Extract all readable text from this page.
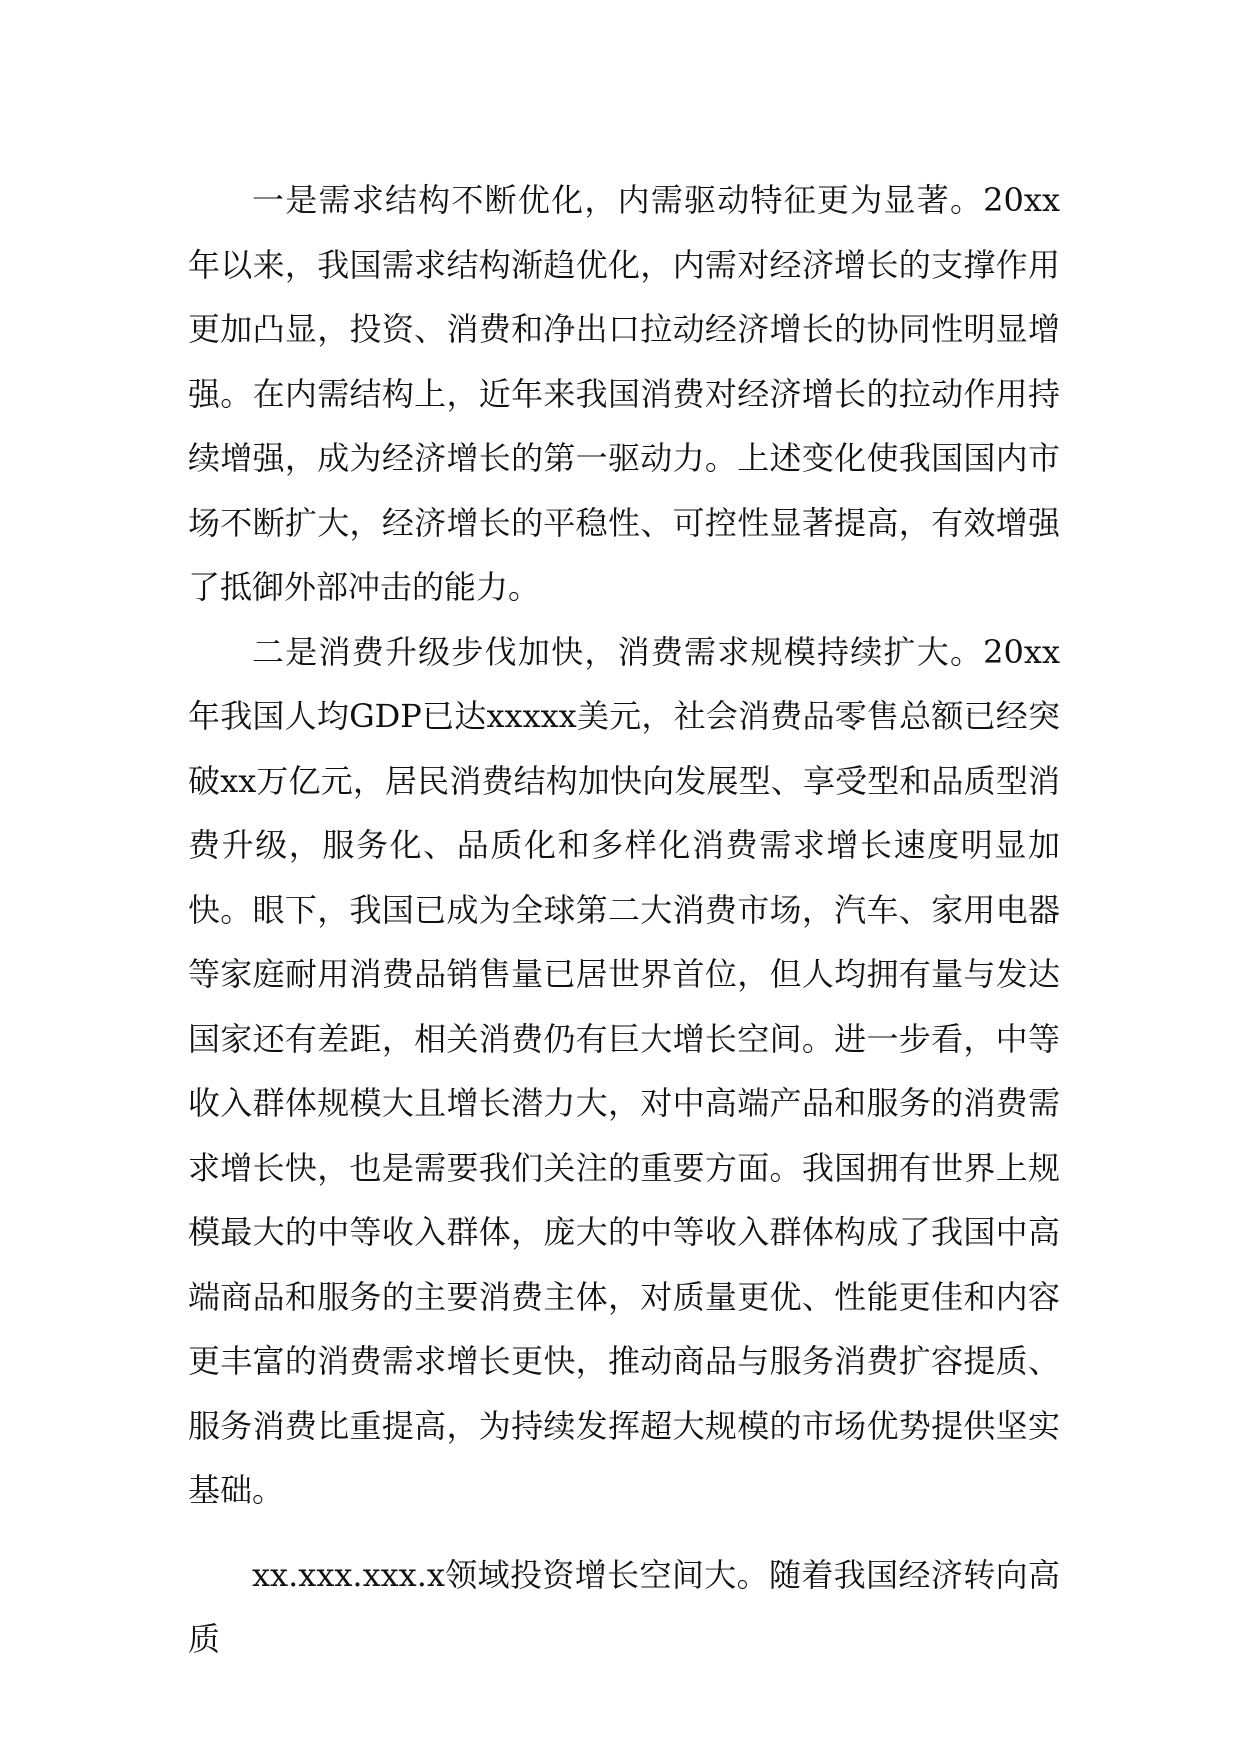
一是需求结构不断优化，内需驱动特征更为显著。20xx年以来，我国需求结构渐趋优化，内需对经济增长的支撑作用更加凸显，投资、消费和净出口拉动经济增长的协同性明显增强。在内需结构上，近年来我国消费对经济增长的拉动作用持续增强，成为经济增长的第一驱动力。上述变化使我国国内市场不断扩大，经济增长的平稳性、可控性显著提高，有效增强了抵御外部冲击的能力。

二是消费升级步伐加快，消费需求规模持续扩大。20xx年我国人均GDP已达xxxxx美元，社会消费品零售总额已经突破xx万亿元，居民消费结构加快向发展型、享受型和品质型消费升级，服务化、品质化和多样化消费需求增长速度明显加快。眼下，我国已成为全球第二大消费市场，汽车、家用电器等家庭耐用消费品销售量已居世界首位，但人均拥有量与发达国家还有差距，相关消费仍有巨大增长空间。进一步看，中等收入群体规模大且增长潜力大，对中高端产品和服务的消费需求增长快，也是需要我们关注的重要方面。我国拥有世界上规模最大的中等收入群体，庞大的中等收入群体构成了我国中高端商品和服务的主要消费主体，对质量更优、性能更佳和内容更丰富的消费需求增长更快，推动商品与服务消费扩容提质、服务消费比重提高，为持续发挥超大规模的市场优势提供坚实基础。

xx.xxx.xxx.x领域投资增长空间大。随着我国经济转向高质
